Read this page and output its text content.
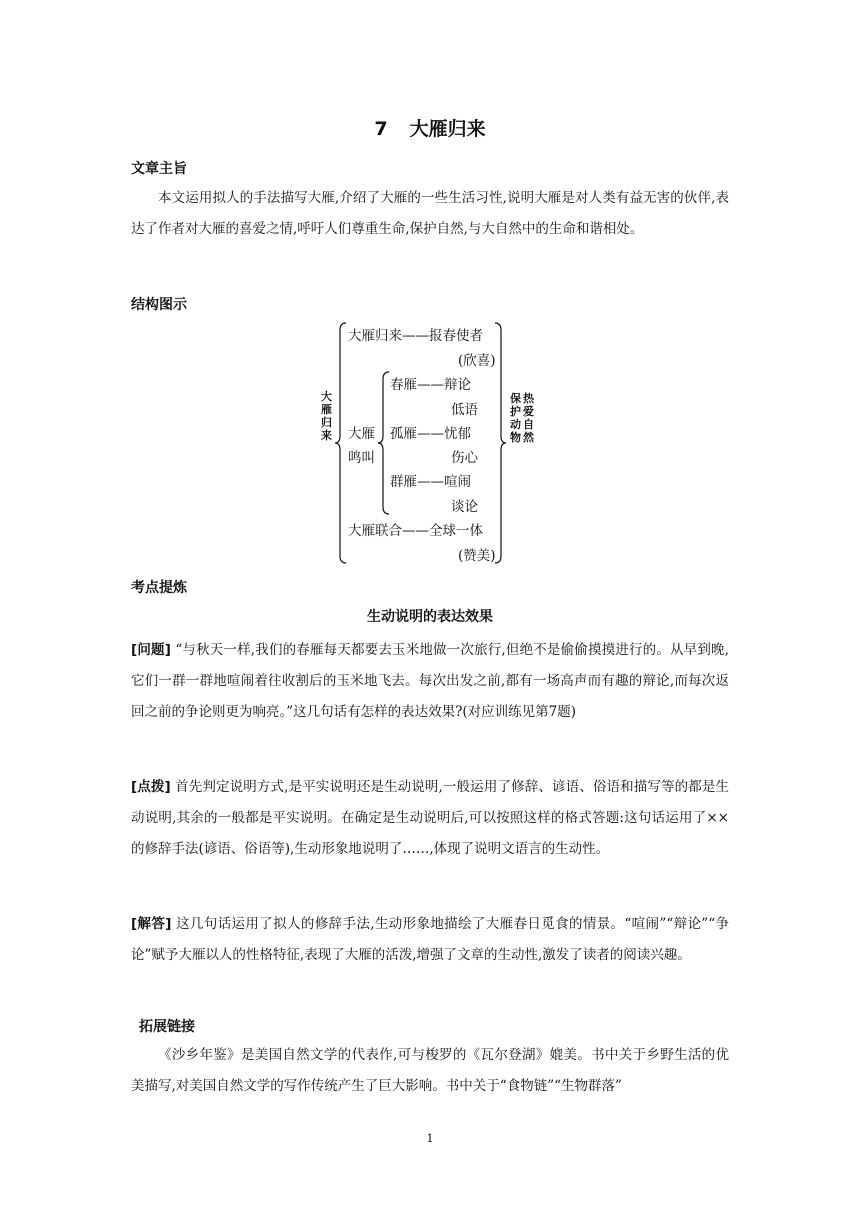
7 大雁归来
文章主旨
本文运用拟人的手法描写大雁,介绍了大雁的一些生活习性,说明大雁是对人类有益无害的伙伴,表达了作者对大雁的喜爱之情,呼吁人们尊重生命,保护自然,与大自然中的生命和谐相处。
结构图示
大雁归来
保护动物
热爱自然
大雁归来——报春使者
(欣喜)
大雁
鸣叫
春雁——辩论
低语
孤雁——忧郁
伤心
群雁——喧闹
谈论
大雁联合——全球一体
(赞美)
考点提炼
生动说明的表达效果
[问题] “与秋天一样,我们的春雁每天都要去玉米地做一次旅行,但绝不是偷偷摸摸进行的。从早到晚,它们一群一群地喧闹着往收割后的玉米地飞去。每次出发之前,都有一场高声而有趣的辩论,而每次返回之前的争论则更为响亮。”这几句话有怎样的表达效果?(对应训练见第7题)
[点拨] 首先判定说明方式,是平实说明还是生动说明,一般运用了修辞、谚语、俗语和描写等的都是生动说明,其余的一般都是平实说明。在确定是生动说明后,可以按照这样的格式答题:这句话运用了××的修辞手法(谚语、俗语等),生动形象地说明了……,体现了说明文语言的生动性。
[解答] 这几句话运用了拟人的修辞手法,生动形象地描绘了大雁春日觅食的情景。“喧闹”“辩论”“争论”赋予大雁以人的性格特征,表现了大雁的活泼,增强了文章的生动性,激发了读者的阅读兴趣。
拓展链接
《沙乡年鉴》是美国自然文学的代表作,可与梭罗的《瓦尔登湖》媲美。书中关于乡野生活的优美描写,对美国自然文学的写作传统产生了巨大影响。书中关于“食物链”“生物群落”
1
